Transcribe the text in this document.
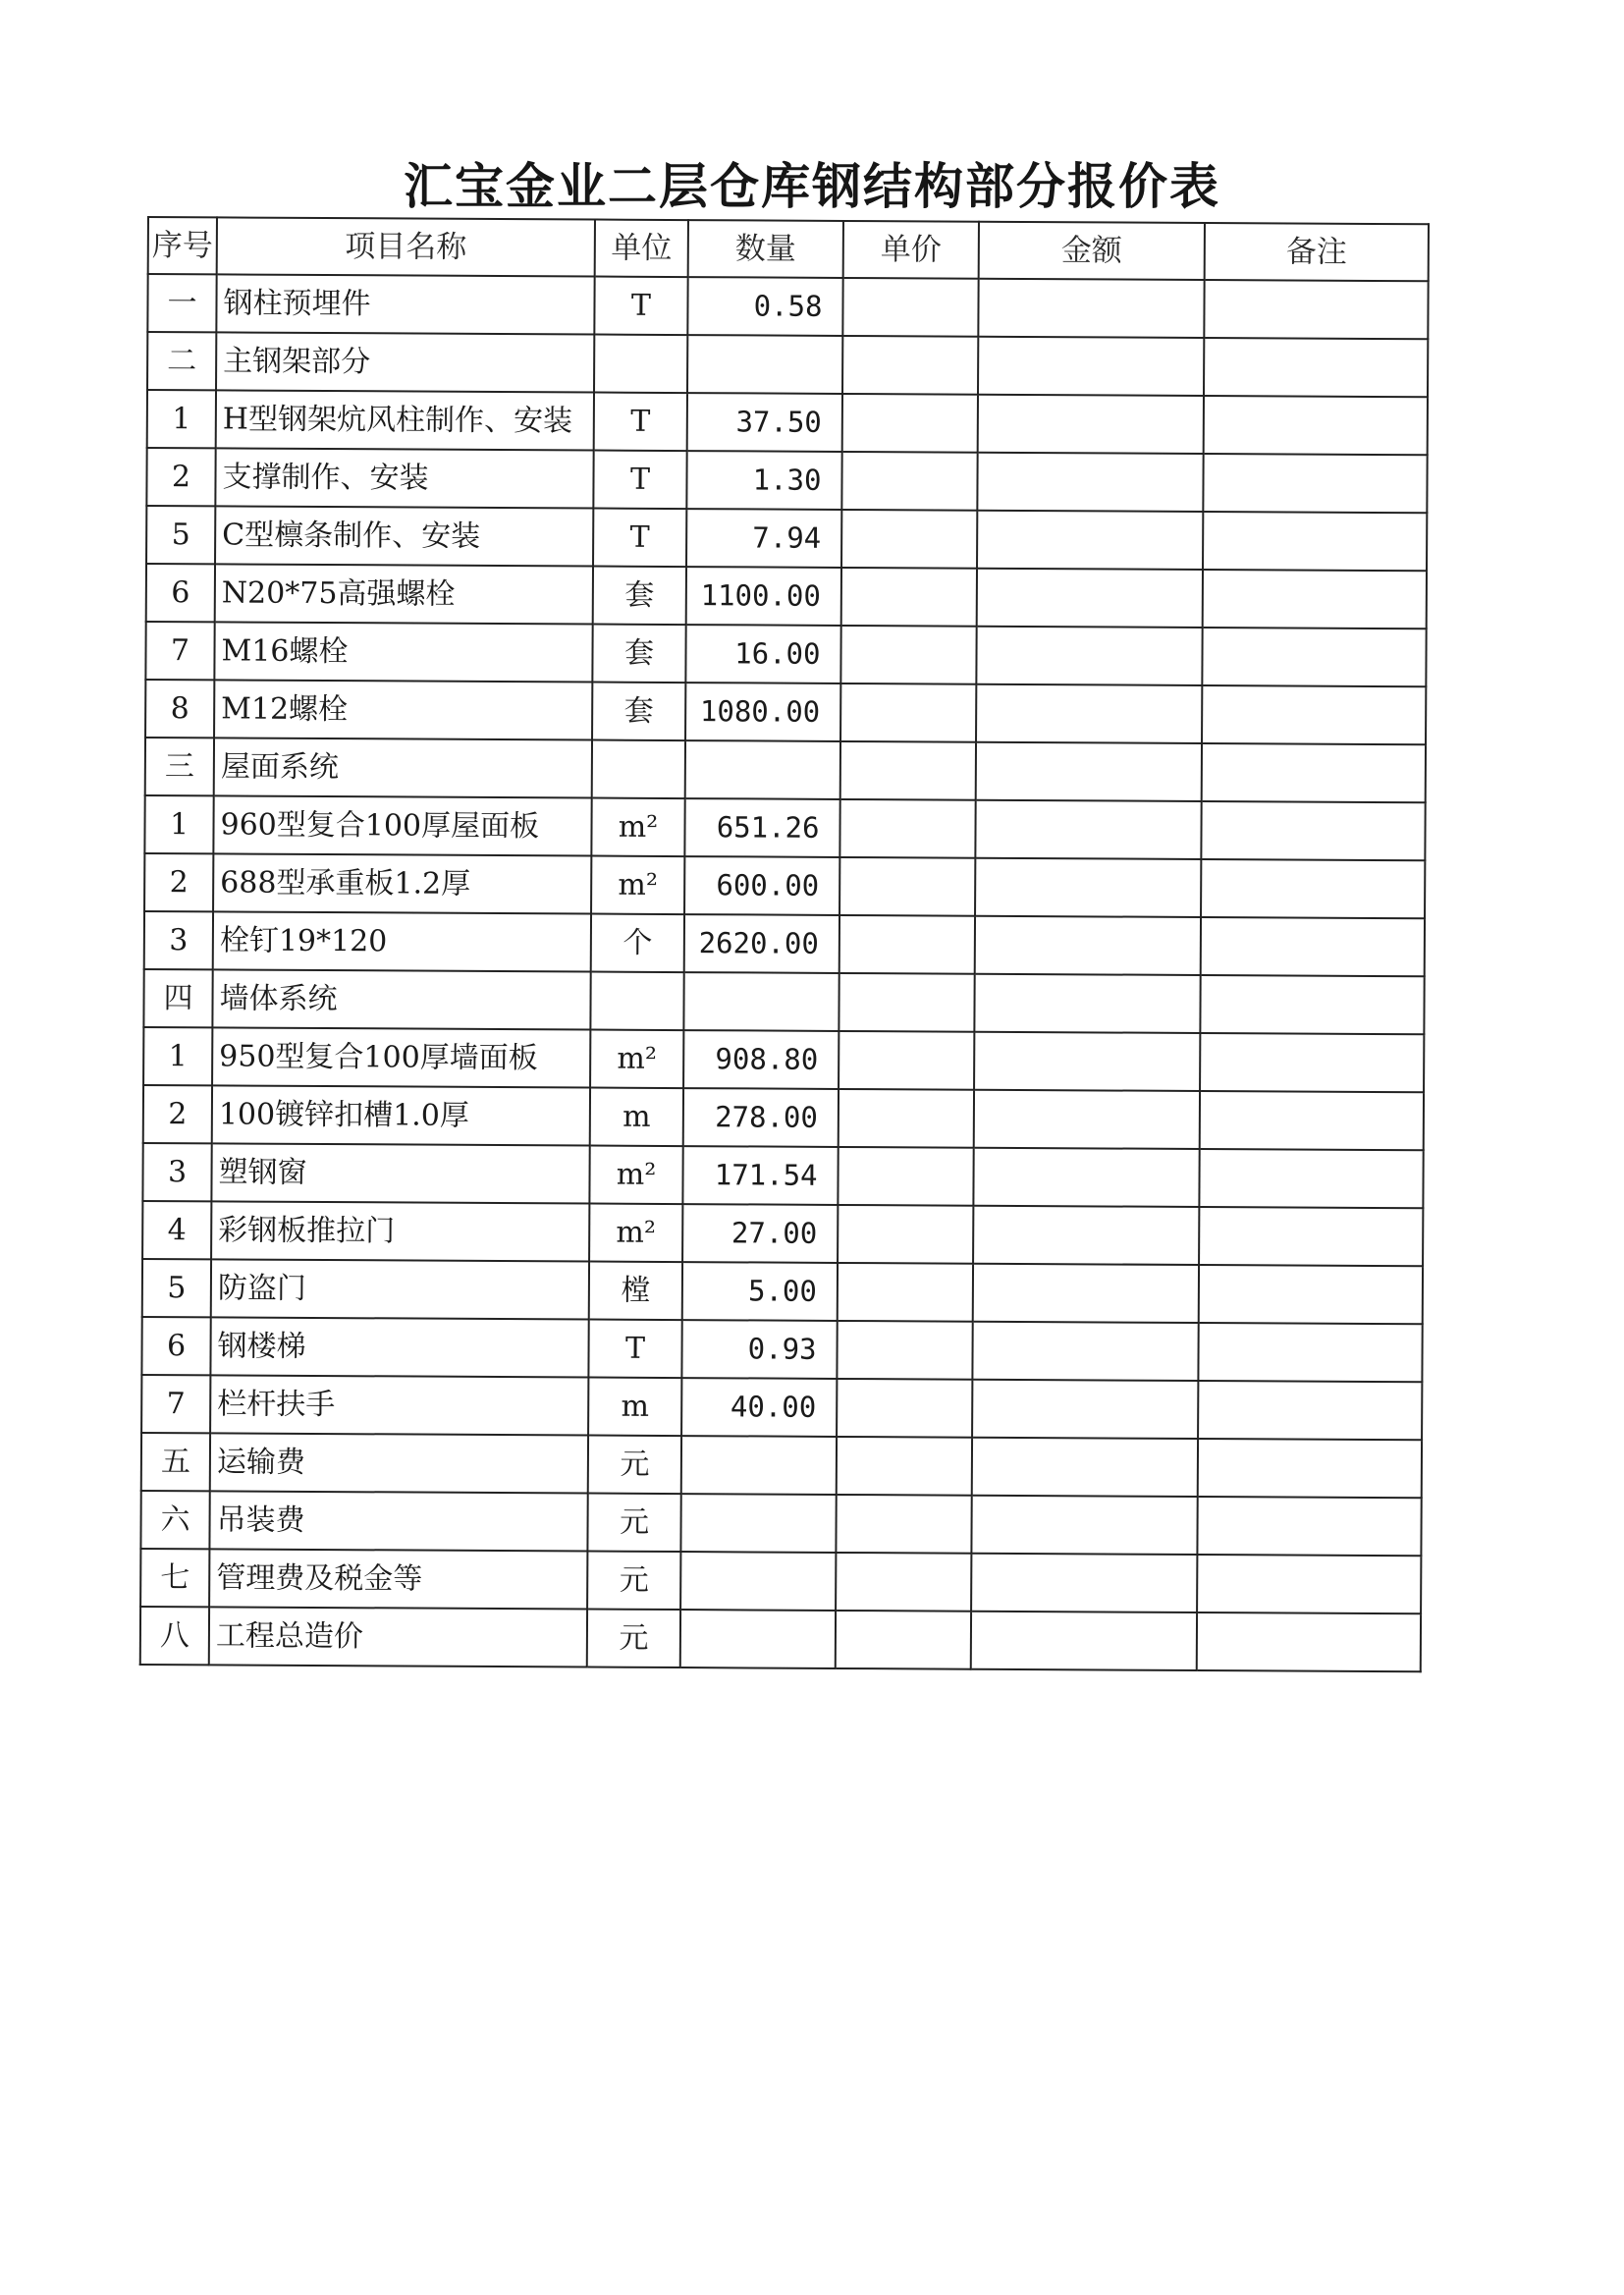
汇宝金业二层仓库钢结构部分报价表
序号	项目名称	单位	数量	单价	金额	备注
一	钢柱预埋件	T	0.58			
二	主钢架部分					
1	H型钢架炕风柱制作、安装	T	37.50			
2	支撑制作、安装	T	1.30			
5	C型檩条制作、安装	T	7.94			
6	N20*75高强螺栓	套	1100.00			
7	M16螺栓	套	16.00			
8	M12螺栓	套	1080.00			
三	屋面系统					
1	960型复合100厚屋面板	m²	651.26			
2	688型承重板1.2厚	m²	600.00			
3	栓钉19*120	个	2620.00			
四	墙体系统					
1	950型复合100厚墙面板	m²	908.80			
2	100镀锌扣槽1.0厚	m	278.00			
3	塑钢窗	m²	171.54			
4	彩钢板推拉门	m²	27.00			
5	防盗门	樘	5.00			
6	钢楼梯	T	0.93			
7	栏杆扶手	m	40.00			
五	运输费	元				
六	吊装费	元				
七	管理费及税金等	元				
八	工程总造价	元				
